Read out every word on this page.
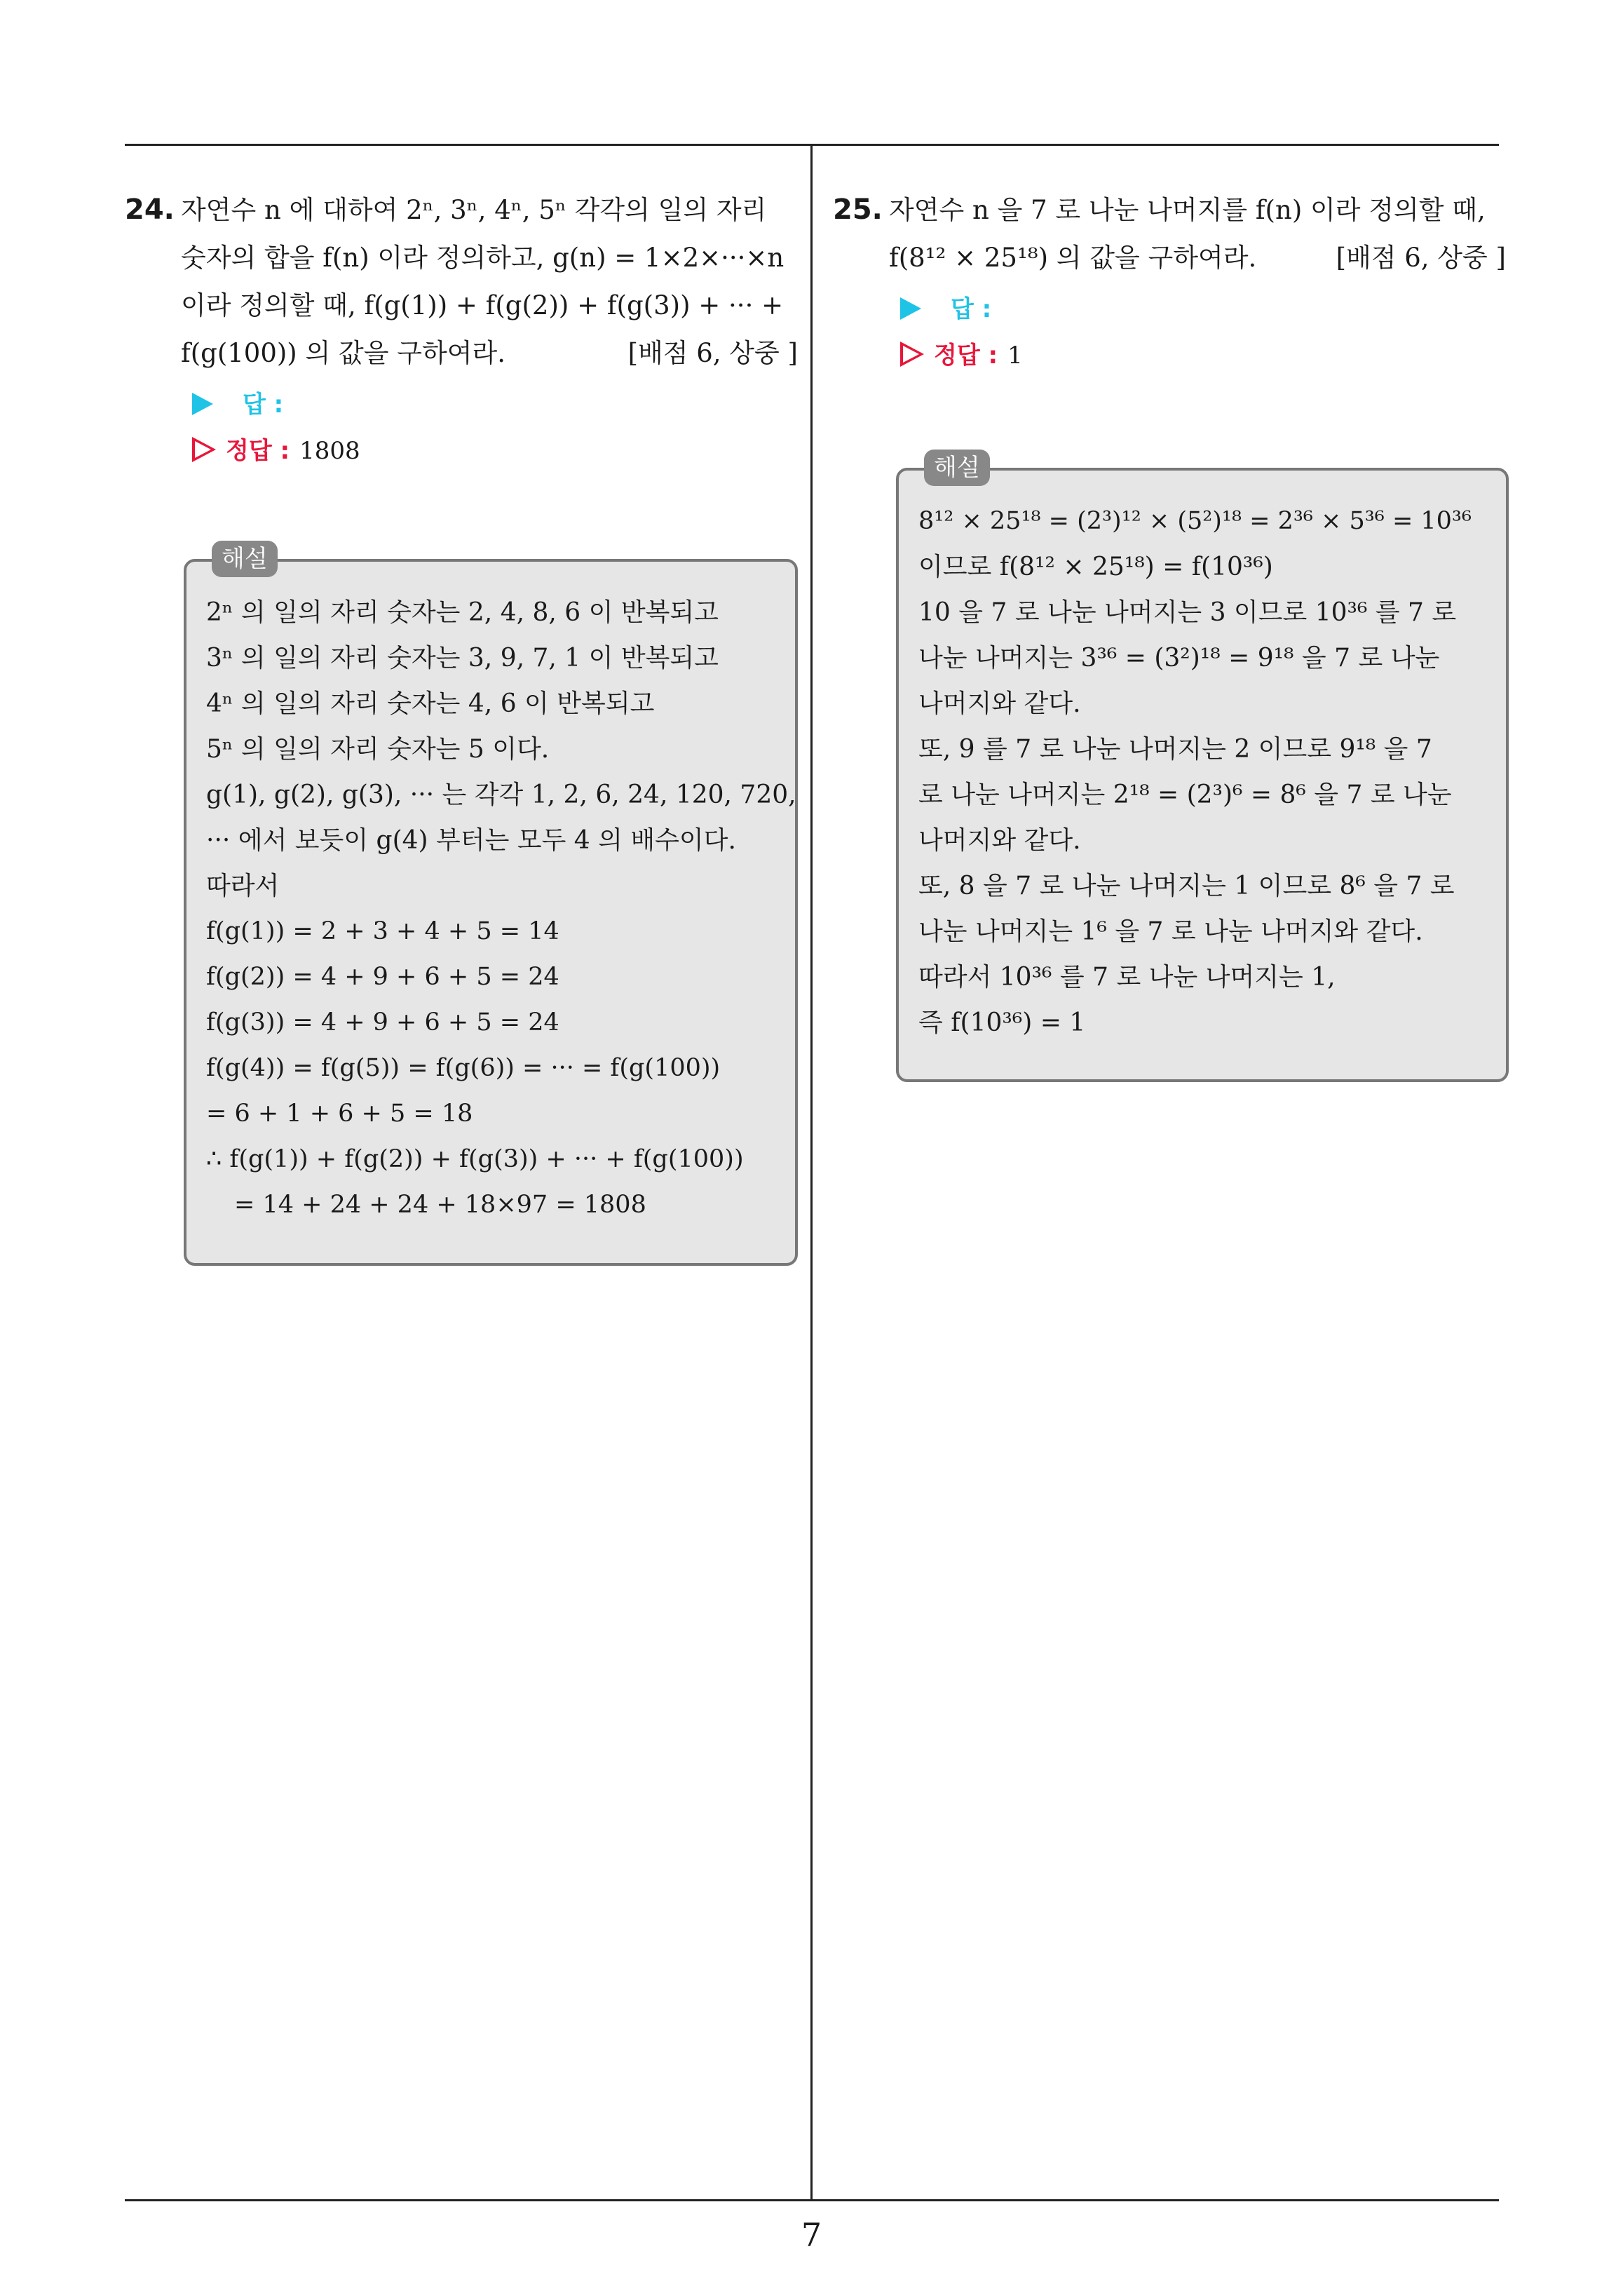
24. 자연수 n 에 대하여 2ⁿ, 3ⁿ, 4ⁿ, 5ⁿ 각각의 일의 자리
숫자의 합을 f(n) 이라 정의하고, g(n) = 1×2×···×n
이라 정의할 때, f(g(1)) + f(g(2)) + f(g(3)) + ··· +
f(g(100)) 의 값을 구하여라.	[배점 6, 상중 ]
답 :
정답 : 1808
해설
2ⁿ 의 일의 자리 숫자는 2, 4, 8, 6 이 반복되고
3ⁿ 의 일의 자리 숫자는 3, 9, 7, 1 이 반복되고
4ⁿ 의 일의 자리 숫자는 4, 6 이 반복되고
5ⁿ 의 일의 자리 숫자는 5 이다.
g(1), g(2), g(3), ··· 는 각각 1, 2, 6, 24, 120, 720,
··· 에서 보듯이 g(4) 부터는 모두 4 의 배수이다.
따라서
f(g(1)) = 2 + 3 + 4 + 5 = 14
f(g(2)) = 4 + 9 + 6 + 5 = 24
f(g(3)) = 4 + 9 + 6 + 5 = 24
f(g(4)) = f(g(5)) = f(g(6)) = ··· = f(g(100))
= 6 + 1 + 6 + 5 = 18
∴ f(g(1)) + f(g(2)) + f(g(3)) + ··· + f(g(100))
= 14 + 24 + 24 + 18×97 = 1808
25. 자연수 n 을 7 로 나눈 나머지를 f(n) 이라 정의할 때,
f(8¹² × 25¹⁸) 의 값을 구하여라.	[배점 6, 상중 ]
답 :
정답 : 1
해설
8¹² × 25¹⁸ = (2³)¹² × (5²)¹⁸ = 2³⁶ × 5³⁶ = 10³⁶
이므로 f(8¹² × 25¹⁸) = f(10³⁶)
10 을 7 로 나눈 나머지는 3 이므로 10³⁶ 를 7 로
나눈 나머지는 3³⁶ = (3²)¹⁸ = 9¹⁸ 을 7 로 나눈
나머지와 같다.
또, 9 를 7 로 나눈 나머지는 2 이므로 9¹⁸ 을 7
로 나눈 나머지는 2¹⁸ = (2³)⁶ = 8⁶ 을 7 로 나눈
나머지와 같다.
또, 8 을 7 로 나눈 나머지는 1 이므로 8⁶ 을 7 로
나눈 나머지는 1⁶ 을 7 로 나눈 나머지와 같다.
따라서 10³⁶ 를 7 로 나눈 나머지는 1,
즉 f(10³⁶) = 1
7
